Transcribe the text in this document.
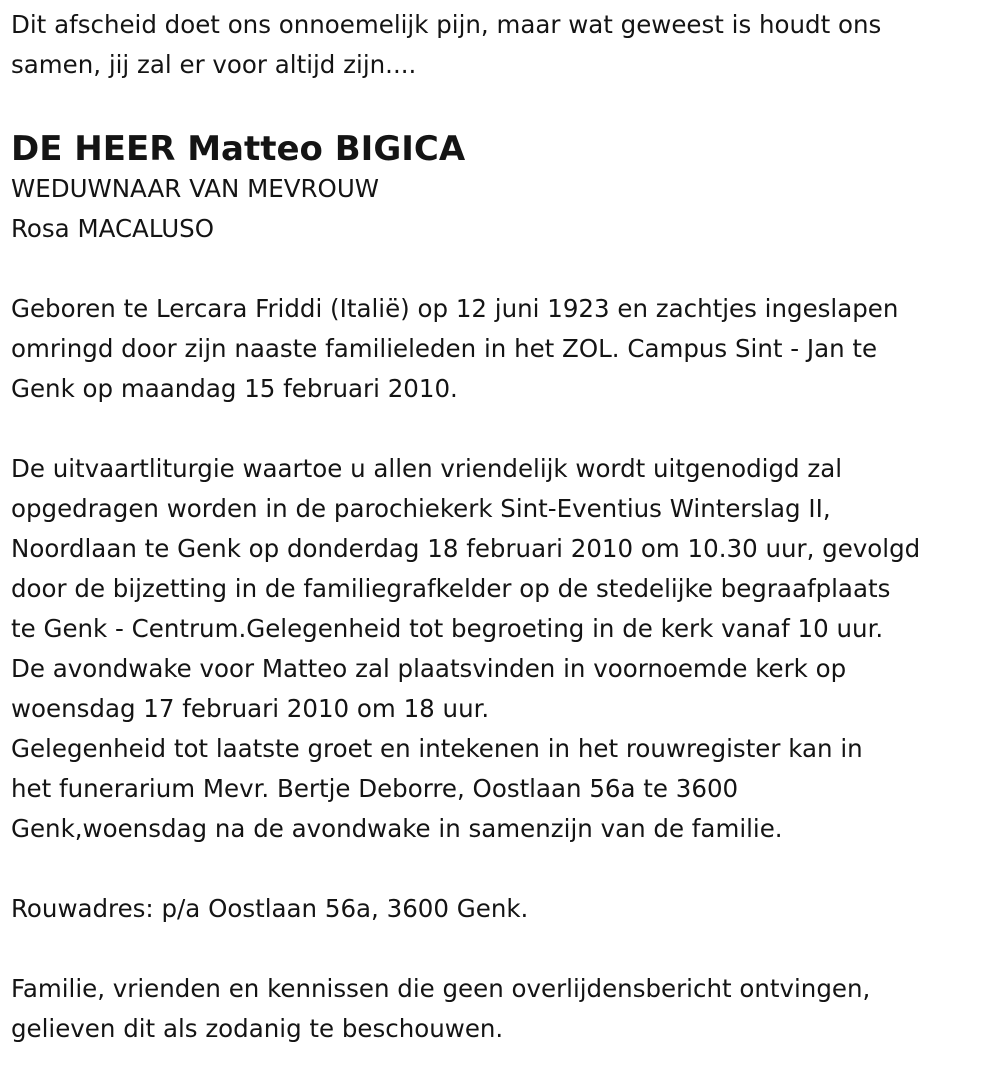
Dit afscheid doet ons onnoemelijk pijn, maar wat geweest is houdt ons
samen, jij zal er voor altijd zijn....
DE HEER Matteo BIGICA
WEDUWNAAR VAN MEVROUW
Rosa MACALUSO
Geboren te Lercara Friddi (Italië) op 12 juni 1923 en zachtjes ingeslapen
omringd door zijn naaste familieleden in het ZOL. Campus Sint - Jan te
Genk op maandag 15 februari 2010.
De uitvaartliturgie waartoe u allen vriendelijk wordt uitgenodigd zal
opgedragen worden in de parochiekerk Sint-Eventius Winterslag II,
Noordlaan te Genk op donderdag 18 februari 2010 om 10.30 uur, gevolgd
door de bijzetting in de familiegrafkelder op de stedelijke begraafplaats
te Genk - Centrum.Gelegenheid tot begroeting in de kerk vanaf 10 uur.
De avondwake voor Matteo zal plaatsvinden in voornoemde kerk op
woensdag 17 februari 2010 om 18 uur.
Gelegenheid tot laatste groet en intekenen in het rouwregister kan in
het funerarium Mevr. Bertje Deborre, Oostlaan 56a te 3600
Genk,woensdag na de avondwake in samenzijn van de familie.
Rouwadres: p/a Oostlaan 56a, 3600 Genk.
Familie, vrienden en kennissen die geen overlijdensbericht ontvingen,
gelieven dit als zodanig te beschouwen.
